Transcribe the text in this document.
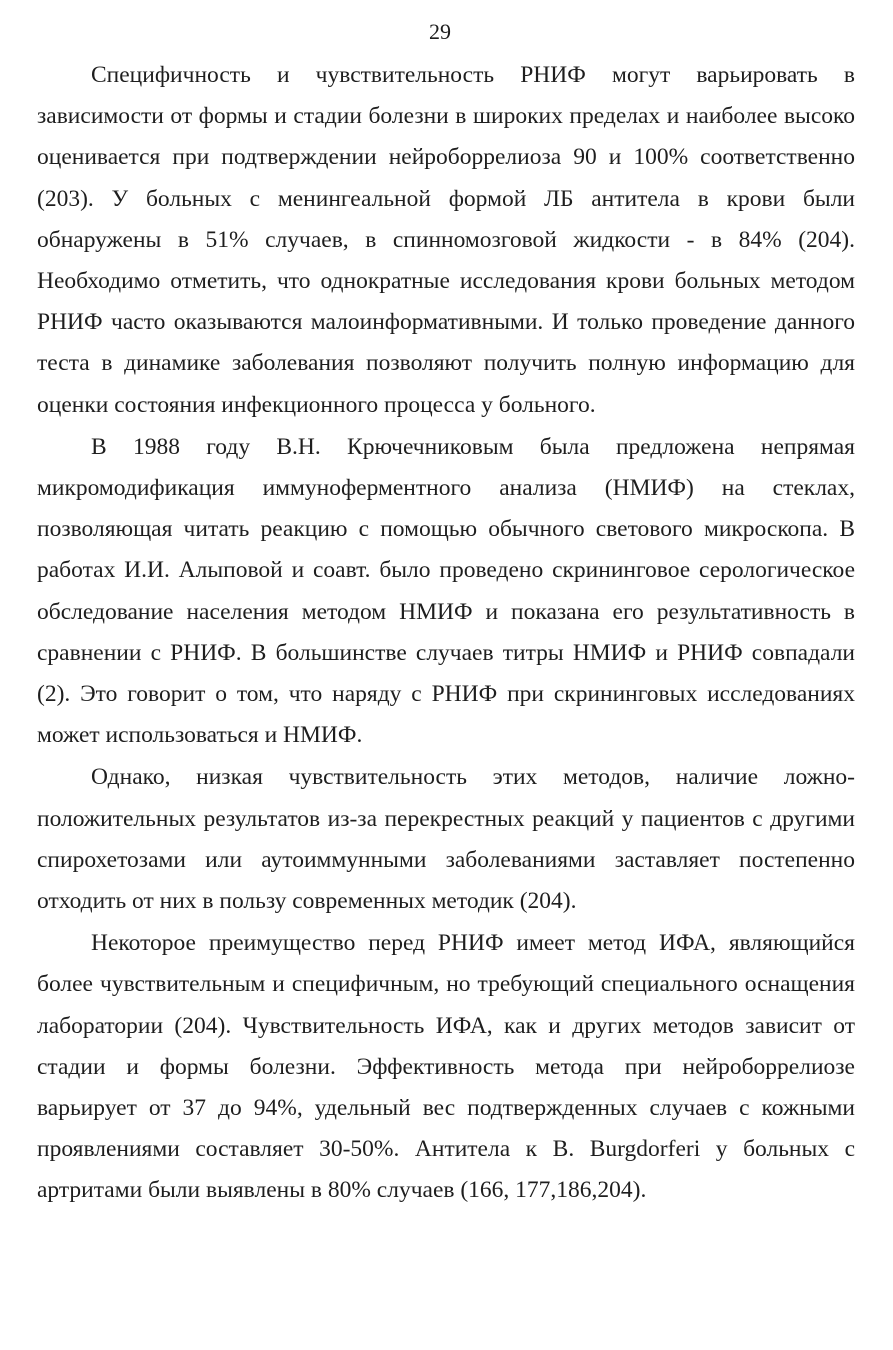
29

Специфичность и чувствительность РНИФ могут варьировать в зависимости от формы и стадии болезни в широких пределах и наиболее высоко оценивается при подтверждении нейроборрелиоза 90 и 100% соответственно (203). У больных с менингеальной формой ЛБ антитела в крови были обнаружены в 51% случаев, в спинномозговой жидкости - в 84% (204). Необходимо отметить, что однократные исследования крови больных методом РНИФ часто оказываются малоинформативными. И только проведение данного теста в динамике заболевания позволяют получить полную информацию для оценки состояния инфекционного процесса у больного.

В 1988 году В.Н. Крючечниковым была предложена непрямая микромодификация иммуноферментного анализа (НМИФ) на стеклах, позволяющая читать реакцию с помощью обычного светового микроскопа. В работах И.И. Алыповой и соавт. было проведено скрининговое серологическое обследование населения методом НМИФ и показана его результативность в сравнении с РНИФ. В большинстве случаев титры НМИФ и РНИФ совпадали (2). Это говорит о том, что наряду с РНИФ при скрининговых исследованиях может использоваться и НМИФ.

Однако, низкая чувствительность этих методов, наличие ложно-положительных результатов из-за перекрестных реакций у пациентов с другими спирохетозами или аутоиммунными заболеваниями заставляет постепенно отходить от них в пользу современных методик (204).

Некоторое преимущество перед РНИФ имеет метод ИФА, являющийся более чувствительным и специфичным, но требующий специального оснащения лаборатории (204). Чувствительность ИФА, как и других методов зависит от стадии и формы болезни. Эффективность метода при нейроборрелиозе варьирует от 37 до 94%, удельный вес подтвержденных случаев с кожными проявлениями составляет 30-50%. Антитела к B. Burgdorferi у больных с артритами были выявлены в 80% случаев (166, 177,186,204).
